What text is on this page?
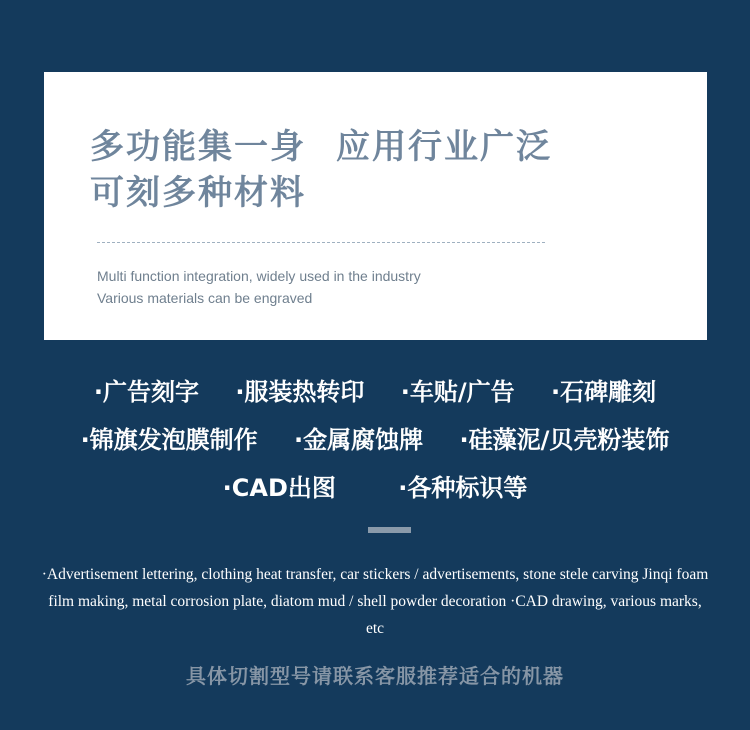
多功能集一身 应用行业广泛
可刻多种材料
Multi function integration, widely used in the industry
Various materials can be engraved
·广告刻字 ·服装热转印 ·车贴/广告 ·石碑雕刻
·锦旗发泡膜制作 ·金属腐蚀牌 ·硅藻泥/贝壳粉装饰
·CAD出图	·各种标识等
·Advertisement lettering, clothing heat transfer, car stickers / advertisements, stone stele carving Jinqi foam film making, metal corrosion plate, diatom mud / shell powder decoration ·CAD drawing, various marks, etc
具体切割型号请联系客服推荐适合的机器
